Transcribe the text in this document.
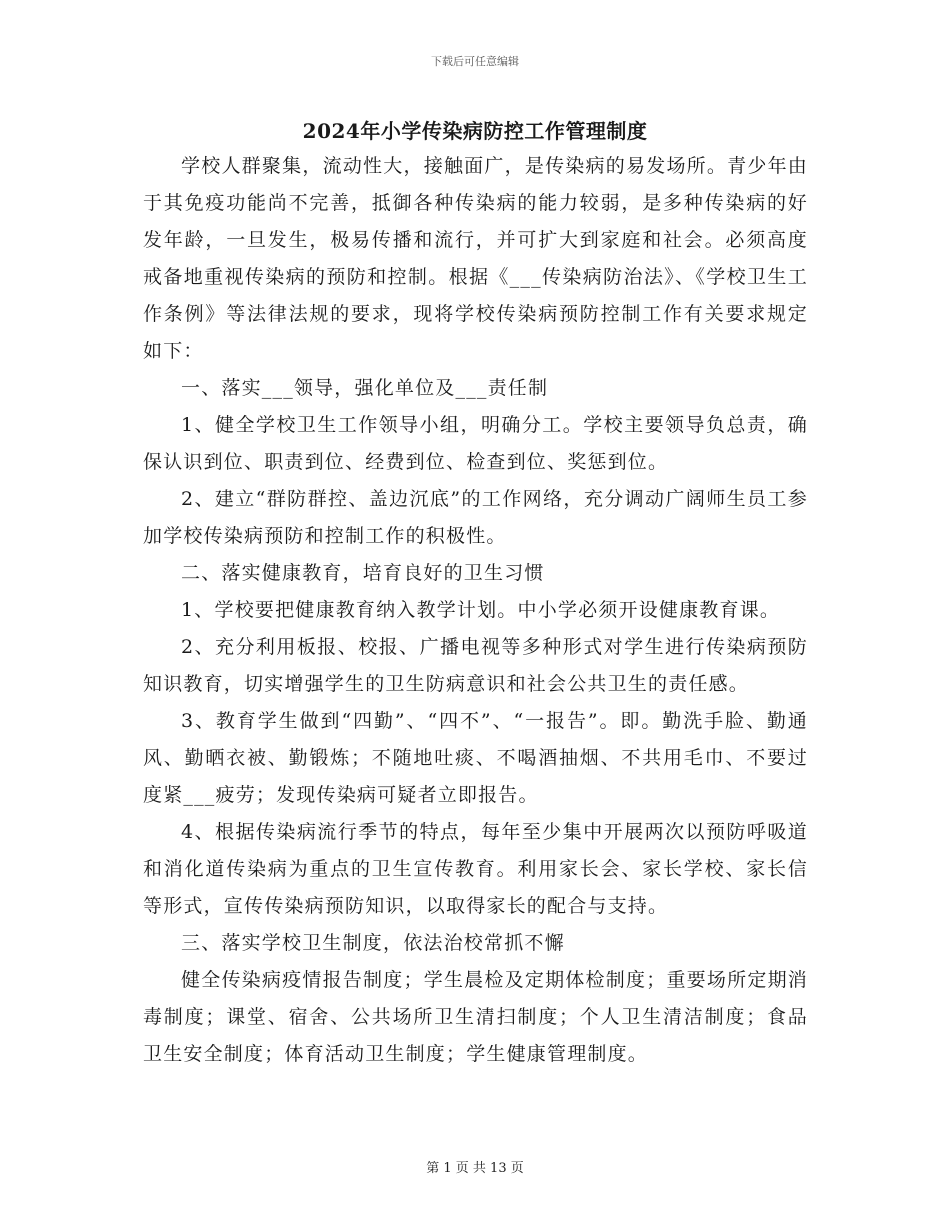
下载后可任意编辑
2024年小学传染病防控工作管理制度

学校人群聚集，流动性大，接触面广，是传染病的易发场所。青少年由于其免疫功能尚不完善，抵御各种传染病的能力较弱，是多种传染病的好发年龄，一旦发生，极易传播和流行，并可扩大到家庭和社会。必须高度戒备地重视传染病的预防和控制。根据《___传染病防治法》、《学校卫生工作条例》等法律法规的要求，现将学校传染病预防控制工作有关要求规定如下：

一、落实___领导，强化单位及___责任制

1、健全学校卫生工作领导小组，明确分工。学校主要领导负总责，确保认识到位、职责到位、经费到位、检查到位、奖惩到位。

2、建立“群防群控、盖边沉底”的工作网络，充分调动广阔师生员工参加学校传染病预防和控制工作的积极性。

二、落实健康教育，培育良好的卫生习惯

1、学校要把健康教育纳入教学计划。中小学必须开设健康教育课。

2、充分利用板报、校报、广播电视等多种形式对学生进行传染病预防知识教育，切实增强学生的卫生防病意识和社会公共卫生的责任感。

3、教育学生做到“四勤”、“四不”、“一报告”。即。勤洗手脸、勤通风、勤晒衣被、勤锻炼；不随地吐痰、不喝酒抽烟、不共用毛巾、不要过度紧___疲劳；发现传染病可疑者立即报告。

4、根据传染病流行季节的特点，每年至少集中开展两次以预防呼吸道和消化道传染病为重点的卫生宣传教育。利用家长会、家长学校、家长信等形式，宣传传染病预防知识，以取得家长的配合与支持。

三、落实学校卫生制度，依法治校常抓不懈

健全传染病疫情报告制度；学生晨检及定期体检制度；重要场所定期消毒制度；课堂、宿舍、公共场所卫生清扫制度；个人卫生清洁制度；食品卫生安全制度；体育活动卫生制度；学生健康管理制度。

第 1 页 共 13 页
